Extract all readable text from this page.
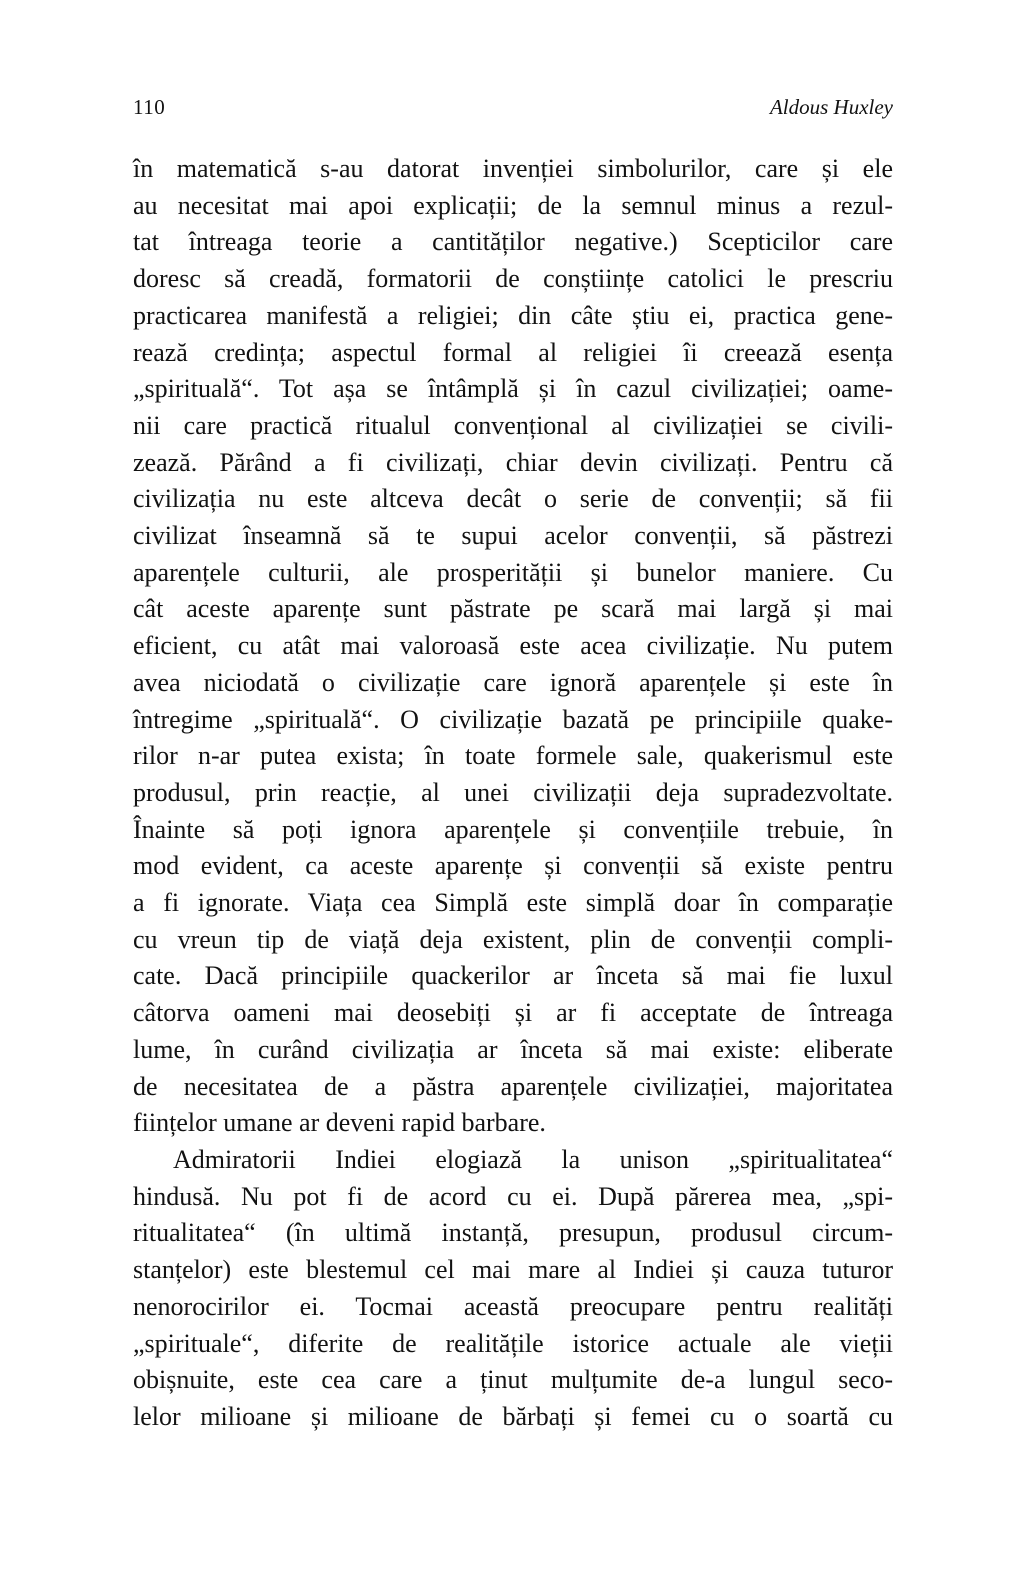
110	Aldous Huxley
în matematică s-au datorat invenției simbolurilor, care și ele
au necesitat mai apoi explicații; de la semnul minus a rezul-
tat întreaga teorie a cantităților negative.) Scepticilor care
doresc să creadă, formatorii de conștiințe catolici le prescriu
practicarea manifestă a religiei; din câte știu ei, practica gene-
rează credința; aspectul formal al religiei îi creează esența
„spirituală“. Tot așa se întâmplă și în cazul civilizației; oame-
nii care practică ritualul convențional al civilizației se civili-
zează. Părând a fi civilizați, chiar devin civilizați. Pentru că
civilizația nu este altceva decât o serie de convenții; să fii
civilizat înseamnă să te supui acelor convenții, să păstrezi
aparențele culturii, ale prosperității și bunelor maniere. Cu
cât aceste aparențe sunt păstrate pe scară mai largă și mai
eficient, cu atât mai valoroasă este acea civilizație. Nu putem
avea niciodată o civilizație care ignoră aparențele și este în
întregime „spirituală“. O civilizație bazată pe principiile quake-
rilor n-ar putea exista; în toate formele sale, quakerismul este
produsul, prin reacție, al unei civilizații deja supradezvoltate.
Înainte să poți ignora aparențele și convențiile trebuie, în
mod evident, ca aceste aparențe și convenții să existe pentru
a fi ignorate. Viața cea Simplă este simplă doar în comparație
cu vreun tip de viață deja existent, plin de convenții compli-
cate. Dacă principiile quackerilor ar înceta să mai fie luxul
câtorva oameni mai deosebiți și ar fi acceptate de întreaga
lume, în curând civilizația ar înceta să mai existe: eliberate
de necesitatea de a păstra aparențele civilizației, majoritatea
ființelor umane ar deveni rapid barbare.
Admiratorii Indiei elogiază la unison „spiritualitatea“
hindusă. Nu pot fi de acord cu ei. După părerea mea, „spi-
ritualitatea“ (în ultimă instanță, presupun, produsul circum-
stanțelor) este blestemul cel mai mare al Indiei și cauza tuturor
nenorocirilor ei. Tocmai această preocupare pentru realități
„spirituale“, diferite de realitățile istorice actuale ale vieții
obișnuite, este cea care a ținut mulțumite de-a lungul seco-
lelor milioane și milioane de bărbați și femei cu o soartă cu
